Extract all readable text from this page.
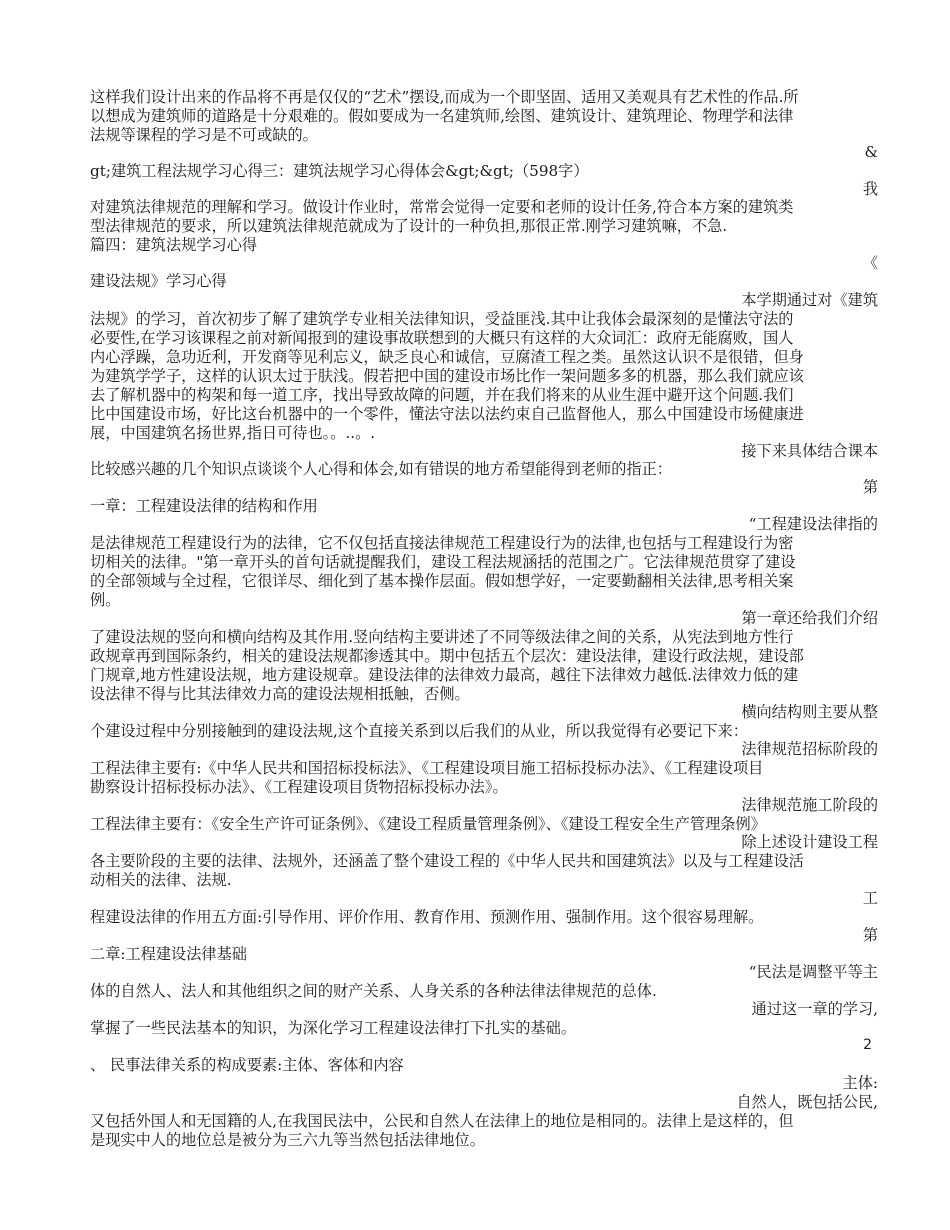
这样我们设计出来的作品将不再是仅仅的“艺术”摆设,而成为一个即坚固、适用又美观具有艺术性的作品.所
以想成为建筑师的道路是十分艰难的。假如要成为一名建筑师,绘图、建筑设计、建筑理论、物理学和法律
法规等课程的学习是不可或缺的。
&
gt;建筑工程法规学习心得三：建筑法规学习心得体会&gt;&gt;（598字）
我
对建筑法律规范的理解和学习。做设计作业时，常常会觉得一定要和老师的设计任务,符合本方案的建筑类
型法律规范的要求，所以建筑法律规范就成为了设计的一种负担,那很正常.刚学习建筑嘛，不急.
篇四：建筑法规学习心得
《
建设法规》学习心得
本学期通过对《建筑
法规》的学习，首次初步了解了建筑学专业相关法律知识，受益匪浅.其中让我体会最深刻的是懂法守法的
必要性,在学习该课程之前对新闻报到的建设事故联想到的大概只有这样的大众词汇：政府无能腐败，国人
内心浮躁，急功近利，开发商等见利忘义，缺乏良心和诚信，豆腐渣工程之类。虽然这认识不是很错，但身
为建筑学学子，这样的认识太过于肤浅。假若把中国的建设市场比作一架问题多多的机器，那么我们就应该
去了解机器中的构架和每一道工序，找出导致故障的问题，并在我们将来的从业生涯中避开这个问题.我们
比中国建设市场，好比这台机器中的一个零件，懂法守法以法约束自己监督他人，那么中国建设市场健康进
展，中国建筑名扬世界,指日可待也。。..。.
接下来具体结合课本
比较感兴趣的几个知识点谈谈个人心得和体会,如有错误的地方希望能得到老师的指正：
第
一章：工程建设法律的结构和作用
“工程建设法律指的
是法律规范工程建设行为的法律，它不仅包括直接法律规范工程建设行为的法律,也包括与工程建设行为密
切相关的法律。"第一章开头的首句话就提醒我们，建设工程法规涵括的范围之广。它法律规范贯穿了建设
的全部领域与全过程，它很详尽、细化到了基本操作层面。假如想学好，一定要勤翻相关法律,思考相关案
例。
第一章还给我们介绍
了建设法规的竖向和横向结构及其作用.竖向结构主要讲述了不同等级法律之间的关系，从宪法到地方性行
政规章再到国际条约，相关的建设法规都渗透其中。期中包括五个层次：建设法律，建设行政法规，建设部
门规章,地方性建设法规，地方建设规章。建设法律的法律效力最高，越往下法律效力越低.法律效力低的建
设法律不得与比其法律效力高的建设法规相抵触，否侧。
横向结构则主要从整
个建设过程中分别接触到的建设法规,这个直接关系到以后我们的从业，所以我觉得有必要记下来：
法律规范招标阶段的
工程法律主要有:《中华人民共和国招标投标法》、《工程建设项目施工招标投标办法》、《工程建设项目
勘察设计招标投标办法》、《工程建设项目货物招标投标办法》。
法律规范施工阶段的
工程法律主要有：《安全生产许可证条例》、《建设工程质量管理条例》、《建设工程安全生产管理条例》
除上述设计建设工程
各主要阶段的主要的法律、法规外，还涵盖了整个建设工程的《中华人民共和国建筑法》以及与工程建设活
动相关的法律、法规.
工
程建设法律的作用五方面:引导作用、评价作用、教育作用、预测作用、强制作用。这个很容易理解。
第
二章:工程建设法律基础
“民法是调整平等主
体的自然人、法人和其他组织之间的财产关系、人身关系的各种法律法律规范的总体.
通过这一章的学习,
掌握了一些民法基本的知识，为深化学习工程建设法律打下扎实的基础。
2
、 民事法律关系的构成要素:主体、客体和内容
主体:
自然人，既包括公民,
又包括外国人和无国籍的人,在我国民法中，公民和自然人在法律上的地位是相同的。法律上是这样的，但
是现实中人的地位总是被分为三六九等当然包括法律地位。
